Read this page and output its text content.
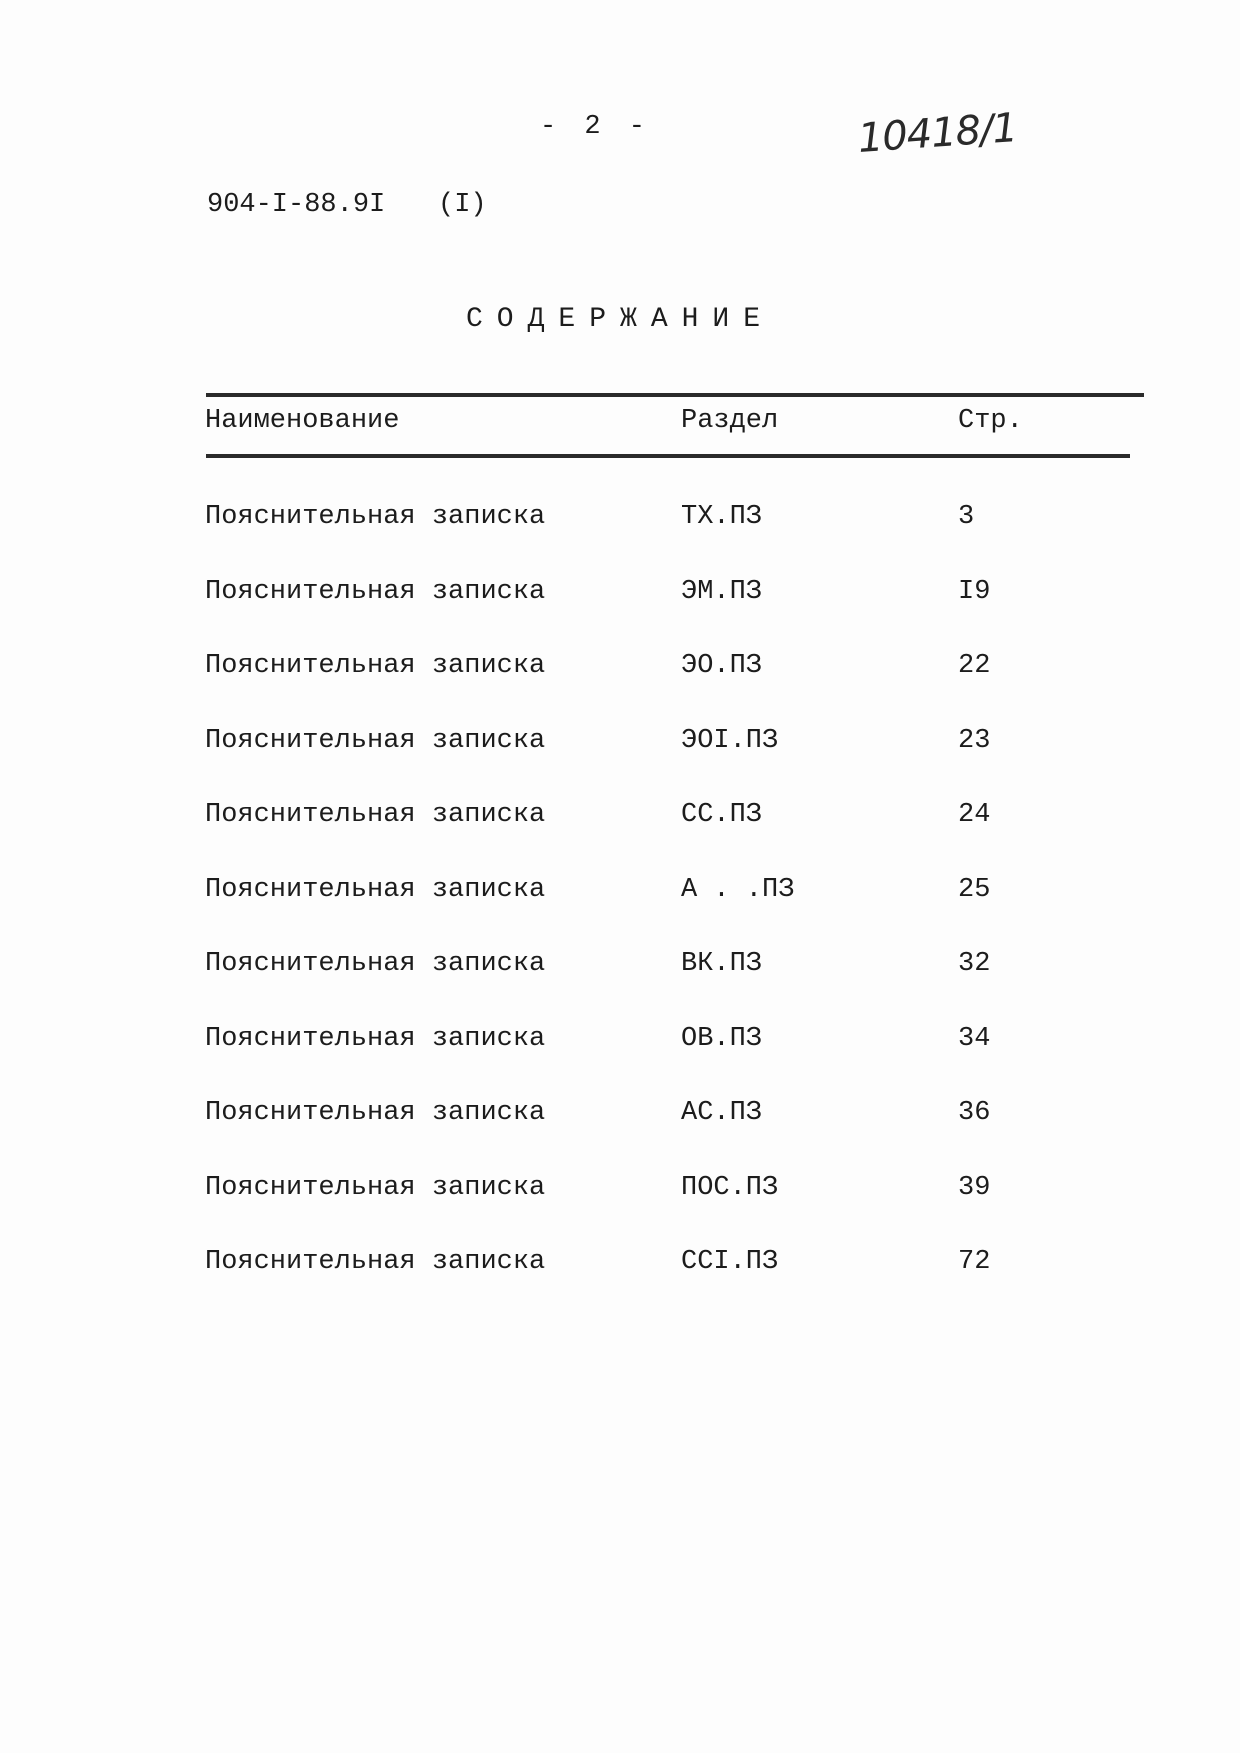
- 2 -	10418/1
904-I-88.9I (I)
СОДЕРЖАНИЕ
Наименование	Раздел	Стр.
Пояснительная записка	ТХ.ПЗ	3
Пояснительная записка	ЭМ.ПЗ	I9
Пояснительная записка	ЭО.ПЗ	22
Пояснительная записка	ЭОI.ПЗ	23
Пояснительная записка	СС.ПЗ	24
Пояснительная записка	А . .ПЗ	25
Пояснительная записка	ВК.ПЗ	32
Пояснительная записка	ОВ.ПЗ	34
Пояснительная записка	АС.ПЗ	36
Пояснительная записка	ПОС.ПЗ	39
Пояснительная записка	ССI.ПЗ	72
